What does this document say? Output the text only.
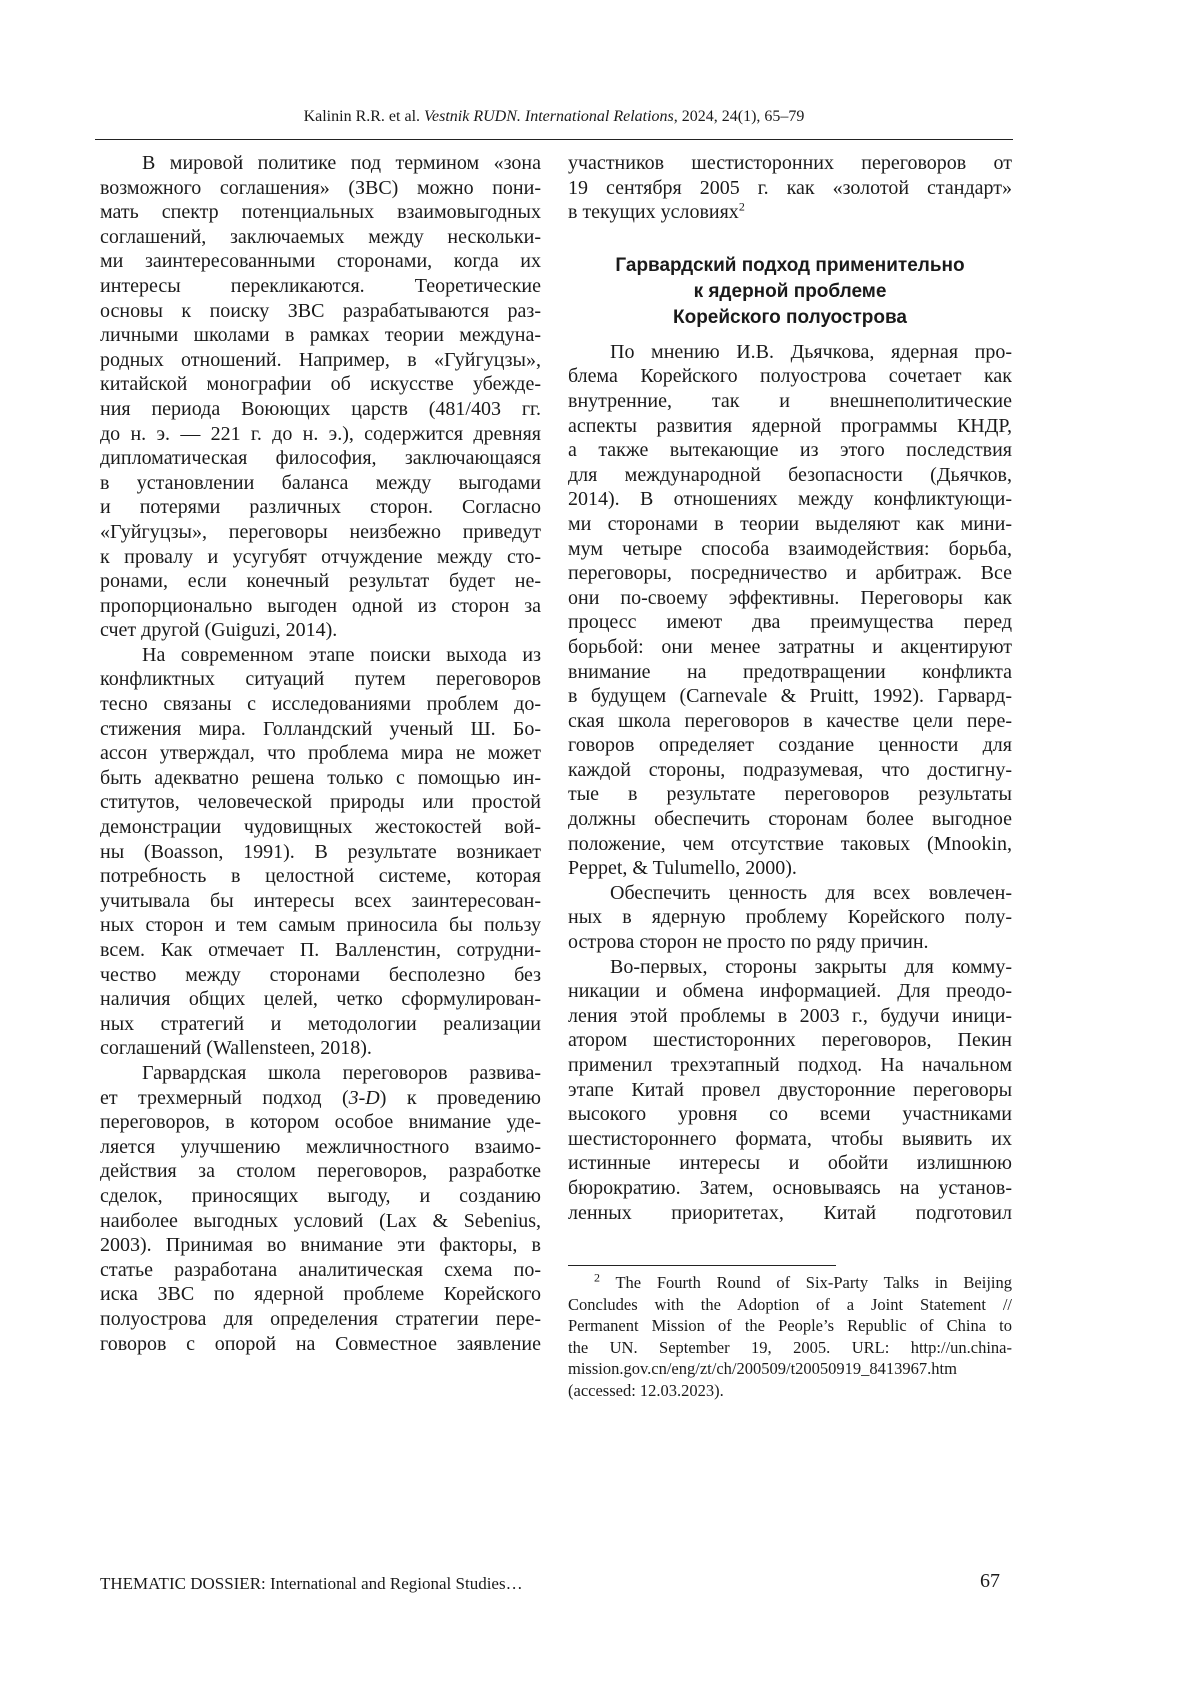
Kalinin R.R. et al. Vestnik RUDN. International Relations, 2024, 24(1), 65–79
В мировой политике под термином «зона
возможного соглашения» (ЗВС) можно пони-
мать спектр потенциальных взаимовыгодных
соглашений, заключаемых между нескольки-
ми заинтересованными сторонами, когда их
интересы перекликаются. Теоретические
основы к поиску ЗВС разрабатываются раз-
личными школами в рамках теории междуна-
родных отношений. Например, в «Гуйгуцзы»,
китайской монографии об искусстве убежде-
ния периода Воюющих царств (481/403 гг.
до н. э. — 221 г. до н. э.), содержится древняя
дипломатическая философия, заключающаяся
в установлении баланса между выгодами
и потерями различных сторон. Согласно
«Гуйгуцзы», переговоры неизбежно приведут
к провалу и усугубят отчуждение между сто-
ронами, если конечный результат будет не-
пропорционально выгоден одной из сторон за
счет другой (Guiguzi, 2014).
На современном этапе поиски выхода из
конфликтных ситуаций путем переговоров
тесно связаны с исследованиями проблем до-
стижения мира. Голландский ученый Ш. Бо-
ассон утверждал, что проблема мира не может
быть адекватно решена только с помощью ин-
ститутов, человеческой природы или простой
демонстрации чудовищных жестокостей вой-
ны (Boasson, 1991). В результате возникает
потребность в целостной системе, которая
учитывала бы интересы всех заинтересован-
ных сторон и тем самым приносила бы пользу
всем. Как отмечает П. Валленстин, сотрудни-
чество между сторонами бесполезно без
наличия общих целей, четко сформулирован-
ных стратегий и методологии реализации
соглашений (Wallensteen, 2018).
Гарвардская школа переговоров развива-
ет трехмерный подход (3-D) к проведению
переговоров, в котором особое внимание уде-
ляется улучшению межличностного взаимо-
действия за столом переговоров, разработке
сделок, приносящих выгоду, и созданию
наиболее выгодных условий (Lax & Sebenius,
2003). Принимая во внимание эти факторы, в
статье разработана аналитическая схема по-
иска ЗВС по ядерной проблеме Корейского
полуострова для определения стратегии пере-
говоров с опорой на Совместное заявление
участников шестисторонних переговоров от
19 сентября 2005 г. как «золотой стандарт»
в текущих условиях2
Гарвардский подход применительно
к ядерной проблеме
Корейского полуострова
По мнению И.В. Дьячкова, ядерная про-
блема Корейского полуострова сочетает как
внутренние, так и внешнеполитические
аспекты развития ядерной программы КНДР,
а также вытекающие из этого последствия
для международной безопасности (Дьячков,
2014). В отношениях между конфликтующи-
ми сторонами в теории выделяют как мини-
мум четыре способа взаимодействия: борьба,
переговоры, посредничество и арбитраж. Все
они по-своему эффективны. Переговоры как
процесс имеют два преимущества перед
борьбой: они менее затратны и акцентируют
внимание на предотвращении конфликта
в будущем (Carnevale & Pruitt, 1992). Гарвард-
ская школа переговоров в качестве цели пере-
говоров определяет создание ценности для
каждой стороны, подразумевая, что достигну-
тые в результате переговоров результаты
должны обеспечить сторонам более выгодное
положение, чем отсутствие таковых (Mnookin,
Peppet, & Tulumello, 2000).
Обеспечить ценность для всех вовлечен-
ных в ядерную проблему Корейского полу-
острова сторон не просто по ряду причин.
Во-первых, стороны закрыты для комму-
никации и обмена информацией. Для преодо-
ления этой проблемы в 2003 г., будучи иници-
атором шестисторонних переговоров, Пекин
применил трехэтапный подход. На начальном
этапе Китай провел двусторонние переговоры
высокого уровня со всеми участниками
шестистороннего формата, чтобы выявить их
истинные интересы и обойти излишнюю
бюрократию. Затем, основываясь на установ-
ленных приоритетах, Китай подготовил
2 The Fourth Round of Six-Party Talks in Beijing
Concludes with the Adoption of a Joint Statement //
Permanent Mission of the People’s Republic of China to
the UN. September 19, 2005. URL: http://un.china-
mission.gov.cn/eng/zt/ch/200509/t20050919_8413967.htm
(accessed: 12.03.2023).
THEMATIC DOSSIER: International and Regional Studies…	67
